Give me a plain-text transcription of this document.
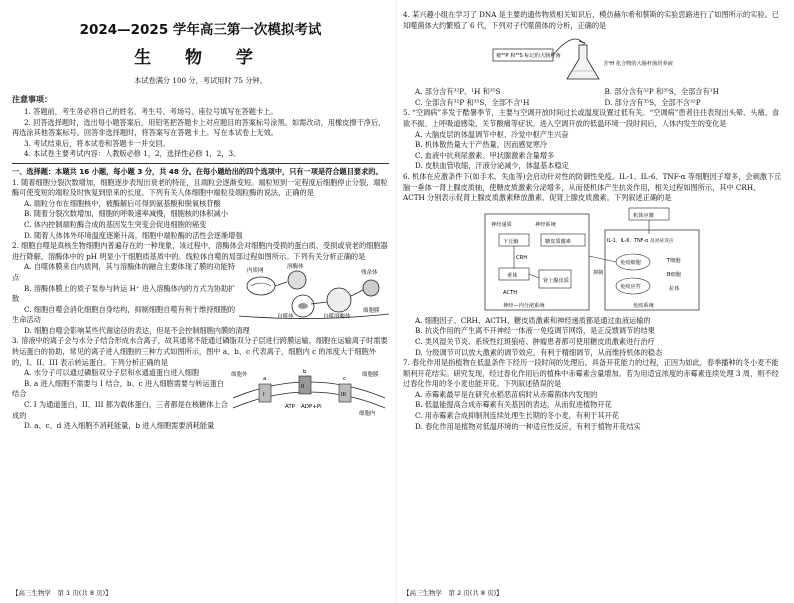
2024—2025 学年高三第一次模拟考试
生 物 学
本试卷满分 100 分，考试用时 75 分钟。
注意事项：

1. 答题前，考生务必将自己的姓名、考生号、考场号、座位号填写在答题卡上。

2. 回答选择题时，选出每小题答案后，用铅笔把答题卡上对应题目的答案标号涂黑。如需改动，用橡皮擦干净后，再选涂其他答案标号。回答非选择题时，将答案写在答题卡上。写在本试卷上无效。

3. 考试结束后，将本试卷和答题卡一并交回。

4. 本试卷主要考试内容：人教版必修 1，2，选择性必修 1，2，3。

一、选择题：本题共 16 小题，每小题 3 分，共 48 分。在每小题给出的四个选项中，只有一项是符合题目要求的。

1. 随着细胞分裂次数增加，细胞逐步表现出衰老的特征，且端粒会逐渐变短。端粒短到一定程度后细胞停止分裂，端粒酶可使变短的端粒及时恢复到原来的长度。下列有关人体细胞中端粒及端粒酶的说法，正确的是

A. 端粒分布在细胞核中，被酶解后可得到氨基酸和脱氧核苷酸

B. 随着分裂次数增加，细胞的呼吸速率减慢，细胞核的体积减小

C. 体内控制端粒酶合成的基因发生突变会促进细胞的癌变

D. 随着人体体外环境温度逐渐升高，细胞中端粒酶的活性会逐渐增强

2. 细胞自噬是真核生物细胞内普遍存在的一种现象，该过程中，溶酶体会对细胞内受损的蛋白质、受损或衰老的细胞器进行降解，溶酶体中的 pH 明显小于细胞质基质中的。线粒体自噬的局部过程如图所示。下列有关分析正确的是

A. 自噬体膜来自内质网，其与溶酶体的融合主要体现了膜的功能特点

B. 溶酶体膜上的质子泵参与转运 H⁺ 进入溶酶体内的方式为协助扩散

C. 细胞自噬会消化细胞自身结构，抑制细胞自噬有利于维持细胞的生命活动

内质网
溶酶体
自噬体	自噬溶酶体
残余体
细胞膜

D. 细胞自噬会影响某些代谢途径的表达，但是不会控制细胞内膜的清理

3. 溶液中的离子会与水分子结合形成水合离子，故其通常不能通过磷脂双分子层进行跨膜运输。细胞在运输离子时需要转运蛋白的协助，常见的离子进入细胞的三种方式如图所示，图中 a、b、c 代表离子，细胞内 c 的浓度大于细胞外的，I、II、III 表示转运蛋白。下列分析正确的是

A. 水分子可以通过磷脂双分子层和水通道蛋白进入细胞

B. a 进入细胞不需要与 I 结合，b、c 进入细胞需要与转运蛋白结合

C. I 为通道蛋白，II、III 都为载体蛋白，三者都是在核糖体上合成的

细胞膜
细胞外
细胞内
ATP ADP+Pi
I
II
III
a
b
c

D. a、c、d 进入细胞不消耗能量，b 进入细胞需要消耗能量

【高三生物学　第 1 页(共 8 页)】

4. 某兴趣小组在学习了 DNA 是主要的遗传物质相关知识后，模仿赫尔希和蔡斯的实验思路进行了如图所示的实验。已知噬菌体大约繁殖了 6 代，下列对子代噬菌体的分析，正确的是

被³²P 和³⁵S 标记的大肠杆菌
含¹H 化合物的大肠杆菌培养液

A. 部分含有³²P、¹H 和³⁵S	B. 部分含有³²P 和³⁵S，全部含有¹H

C. 全部含有³²P 和³⁵S，全部不含¹H	D. 部分含有³⁵S，全部不含³²P

5. “空调病”多发于酷暑季节，主要与空调开放时间过长或温度设置过低有关。“空调病”患者往往表现出头晕、头痛、食欲不振、上呼吸道感染、关节酸痛等症状。进入空调开放的低温环境一段时间后，人体内发生的变化是

A. 大脑皮层的体温调节中枢、冷觉中枢产生兴奋

B. 机体散热量大于产热量，因而感觉寒冷

C. 血液中抗利尿激素、甲状腺激素含量增多

D. 皮肤血管收缩，汗液分泌减少，体温基本稳定

6. 机体在应激条件下(如手术、失血等)会启动针对性的防御性免疫。IL-1、IL-6、TNF-α 等细胞因子增多，会刺激下丘脑一垂体一肾上腺皮质轴，使糖皮质激素分泌增多，从而使机体产生抗炎作用，相关过程如图所示，其中 CRH、ACTH 分别表示促肾上腺皮质激素释放激素、促肾上腺皮质激素。下列叙述正确的是

神经递质	神经系统
下丘脑
CRH
糖皮质激素
垂体
ACTH
肾上腺皮质
神经—内分泌系统
机体应激
IL-1、IL-6、TNF-α 及炎症反应
免疫细胞
免疫应答
T细胞
B细胞
抗体
免疫系统
抑制

A. 细胞因子、CRH、ACTH、糖皮质激素和神经递质都是通过血液运输的

B. 抗炎作用的产生离不开神经一体液一免疫调节网络，是正反馈调节的结果

C. 类风湿关节炎、系统性红斑狼疮、肿瘤患者都可使用糖皮质激素进行治疗

D. 分级调节可以放大激素的调节效应，有利于精细调节，从而维持机体的稳态

7. 春化作用是指植物在低温条件下经历一段时间的处理后，具备开花能力的过程，正因为如此，春季播种的冬小麦不能顺利开花结实。研究发现，经过春化作用后的植株中赤霉素含量增加。若为用适宜浓度的赤霉素连续处理 3 周，则不经过春化作用的冬小麦也能开花。下列叙述错误的是

A. 赤霉素最早是在研究水稻恶苗病时从赤霉菌体内发现的

B. 低温能提高合成赤霉素有关基因的表达，从而促进植物开花

C. 用赤霉素合成抑制剂连续处理生长期的冬小麦，有利于其开花

D. 春化作用是植物对低温环境的一种适应性反应，有利于植物开花结实

【高三生物学　第 2 页(共 8 页)】
